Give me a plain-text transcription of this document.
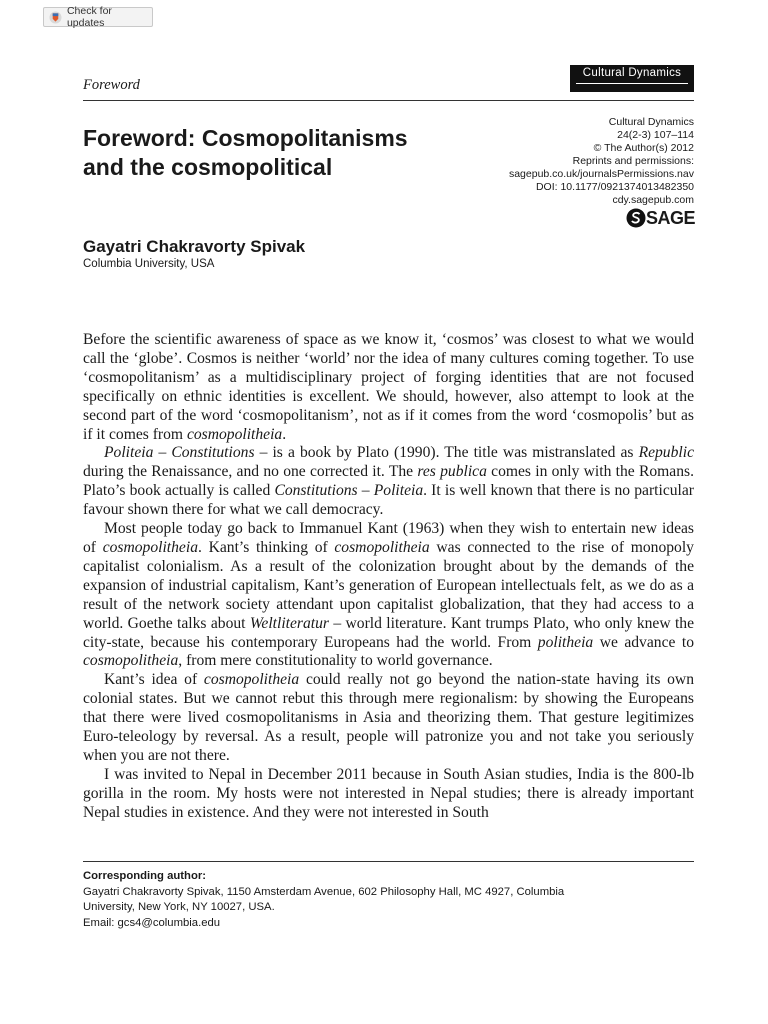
Check for updates
Foreword
Cultural Dynamics
Foreword: Cosmopolitanisms
and the cosmopolitical
Cultural Dynamics
24(2-3) 107–114
© The Author(s) 2012
Reprints and permissions:
sagepub.co.uk/journalsPermissions.nav
DOI: 10.1177/0921374013482350
cdy.sagepub.com
SAGE
Gayatri Chakravorty Spivak
Columbia University, USA

Before the scientific awareness of space as we know it, ‘cosmos’ was closest to what we would call the ‘globe’. Cosmos is neither ‘world’ nor the idea of many cultures coming together. To use ‘cosmopolitanism’ as a multidisciplinary project of forging identities that are not focused specifically on ethnic identities is excellent. We should, however, also attempt to look at the second part of the word ‘cosmopolitanism’, not as if it comes from the word ‘cosmopolis’ but as if it comes from cosmopolitheia.

Politeia – Constitutions – is a book by Plato (1990). The title was mistranslated as Republic during the Renaissance, and no one corrected it. The res publica comes in only with the Romans. Plato’s book actually is called Constitutions – Politeia. It is well known that there is no particular favour shown there for what we call democracy.

Most people today go back to Immanuel Kant (1963) when they wish to entertain new ideas of cosmopolitheia. Kant’s thinking of cosmopolitheia was connected to the rise of monopoly capitalist colonialism. As a result of the colonization brought about by the demands of the expansion of industrial capitalism, Kant’s generation of European intellectuals felt, as we do as a result of the network society attendant upon capitalist globalization, that they had access to a world. Goethe talks about Weltliteratur – world literature. Kant trumps Plato, who only knew the city-state, because his contemporary Europeans had the world. From politheia we advance to cosmopolitheia, from mere constitutionality to world governance.

Kant’s idea of cosmopolitheia could really not go beyond the nation-state having its own colonial states. But we cannot rebut this through mere regionalism: by showing the Europeans that there were lived cosmopolitanisms in Asia and theorizing them. That gesture legitimizes Euro-teleology by reversal. As a result, people will patronize you and not take you seriously when you are not there.

I was invited to Nepal in December 2011 because in South Asian studies, India is the 800-lb gorilla in the room. My hosts were not interested in Nepal studies; there is already important Nepal studies in existence. And they were not interested in South

Corresponding author:
Gayatri Chakravorty Spivak, 1150 Amsterdam Avenue, 602 Philosophy Hall, MC 4927, Columbia
University, New York, NY 10027, USA.
Email: gcs4@columbia.edu
